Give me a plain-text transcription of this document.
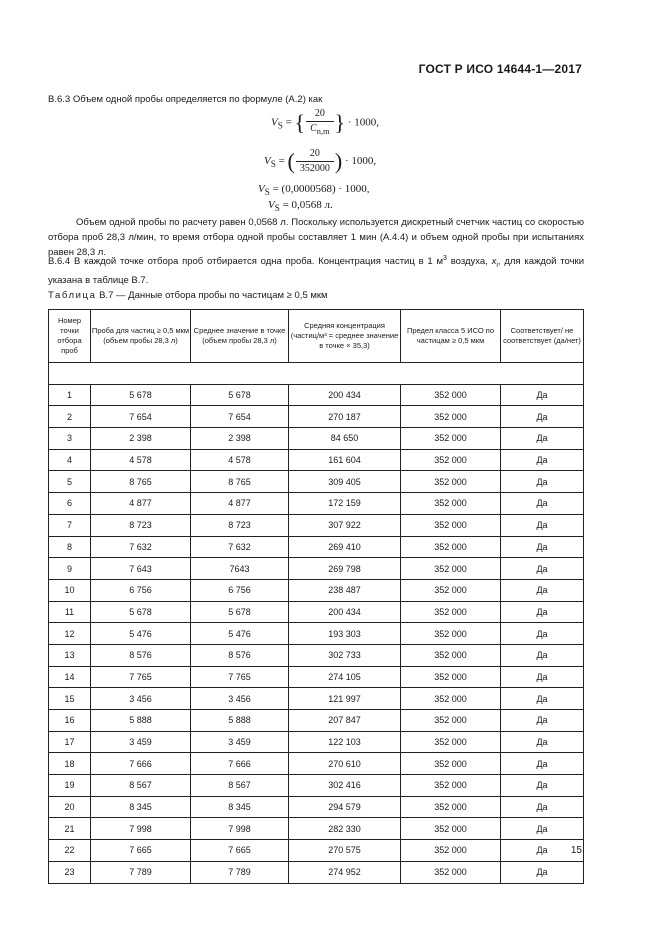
ГОСТ Р ИСО 14644-1—2017

B.6.3 Объем одной пробы определяется по формуле (А.2) как

$V_S$ = { $\frac{20}{C_{n,m}}$ } · 1000,
$V_S$ = ( $\frac{20}{352000}$ ) · 1000,
$V_S = (0,0000568) \cdot 1000$,
$V_S = 0,0568$ л.

Объем одной пробы по расчету равен 0,0568 л. Поскольку используется дискретный счетчик частиц со скоростью отбора проб 28,3 л/мин, то время отбора одной пробы составляет 1 мин (А.4.4) и объем одной пробы при испытаниях равен 28,3 л.

B.6.4 В каждой точке отбора проб отбирается одна проба. Концентрация частиц в 1 $м^3$ воздуха, $x_i$, для каждой точки указана в таблице В.7.

Таблица В.7 — Данные отбора пробы по частицам ≥ 0,5 мкм
Номер точки отбора проб	Проба для частиц ≥ 0,5 мкм (объем пробы 28,3 л)	Среднее значение в точке (объем пробы 28,3 л)	Средняя концентрация (частиц/м³ = среднее значение в точке × 35,3)	Предел класса 5 ИСО по частицам ≥ 0,5 мкм	Соответствует/ не соответствует (да/нет)

1	5 678	5 678	200 434	352 000	Да
2	7 654	7 654	270 187	352 000	Да
3	2 398	2 398	84 650	352 000	Да
4	4 578	4 578	161 604	352 000	Да
5	8 765	8 765	309 405	352 000	Да
6	4 877	4 877	172 159	352 000	Да
7	8 723	8 723	307 922	352 000	Да
8	7 632	7 632	269 410	352 000	Да
9	7 643	7643	269 798	352 000	Да
10	6 756	6 756	238 487	352 000	Да
11	5 678	5 678	200 434	352 000	Да
12	5 476	5 476	193 303	352 000	Да
13	8 576	8 576	302 733	352 000	Да
14	7 765	7 765	274 105	352 000	Да
15	3 456	3 456	121 997	352 000	Да
16	5 888	5 888	207 847	352 000	Да
17	3 459	3 459	122 103	352 000	Да
18	7 666	7 666	270 610	352 000	Да
19	8 567	8 567	302 416	352 000	Да
20	8 345	8 345	294 579	352 000	Да
21	7 998	7 998	282 330	352 000	Да
22	7 665	7 665	270 575	352 000	Да
23	7 789	7 789	274 952	352 000	Да
15
